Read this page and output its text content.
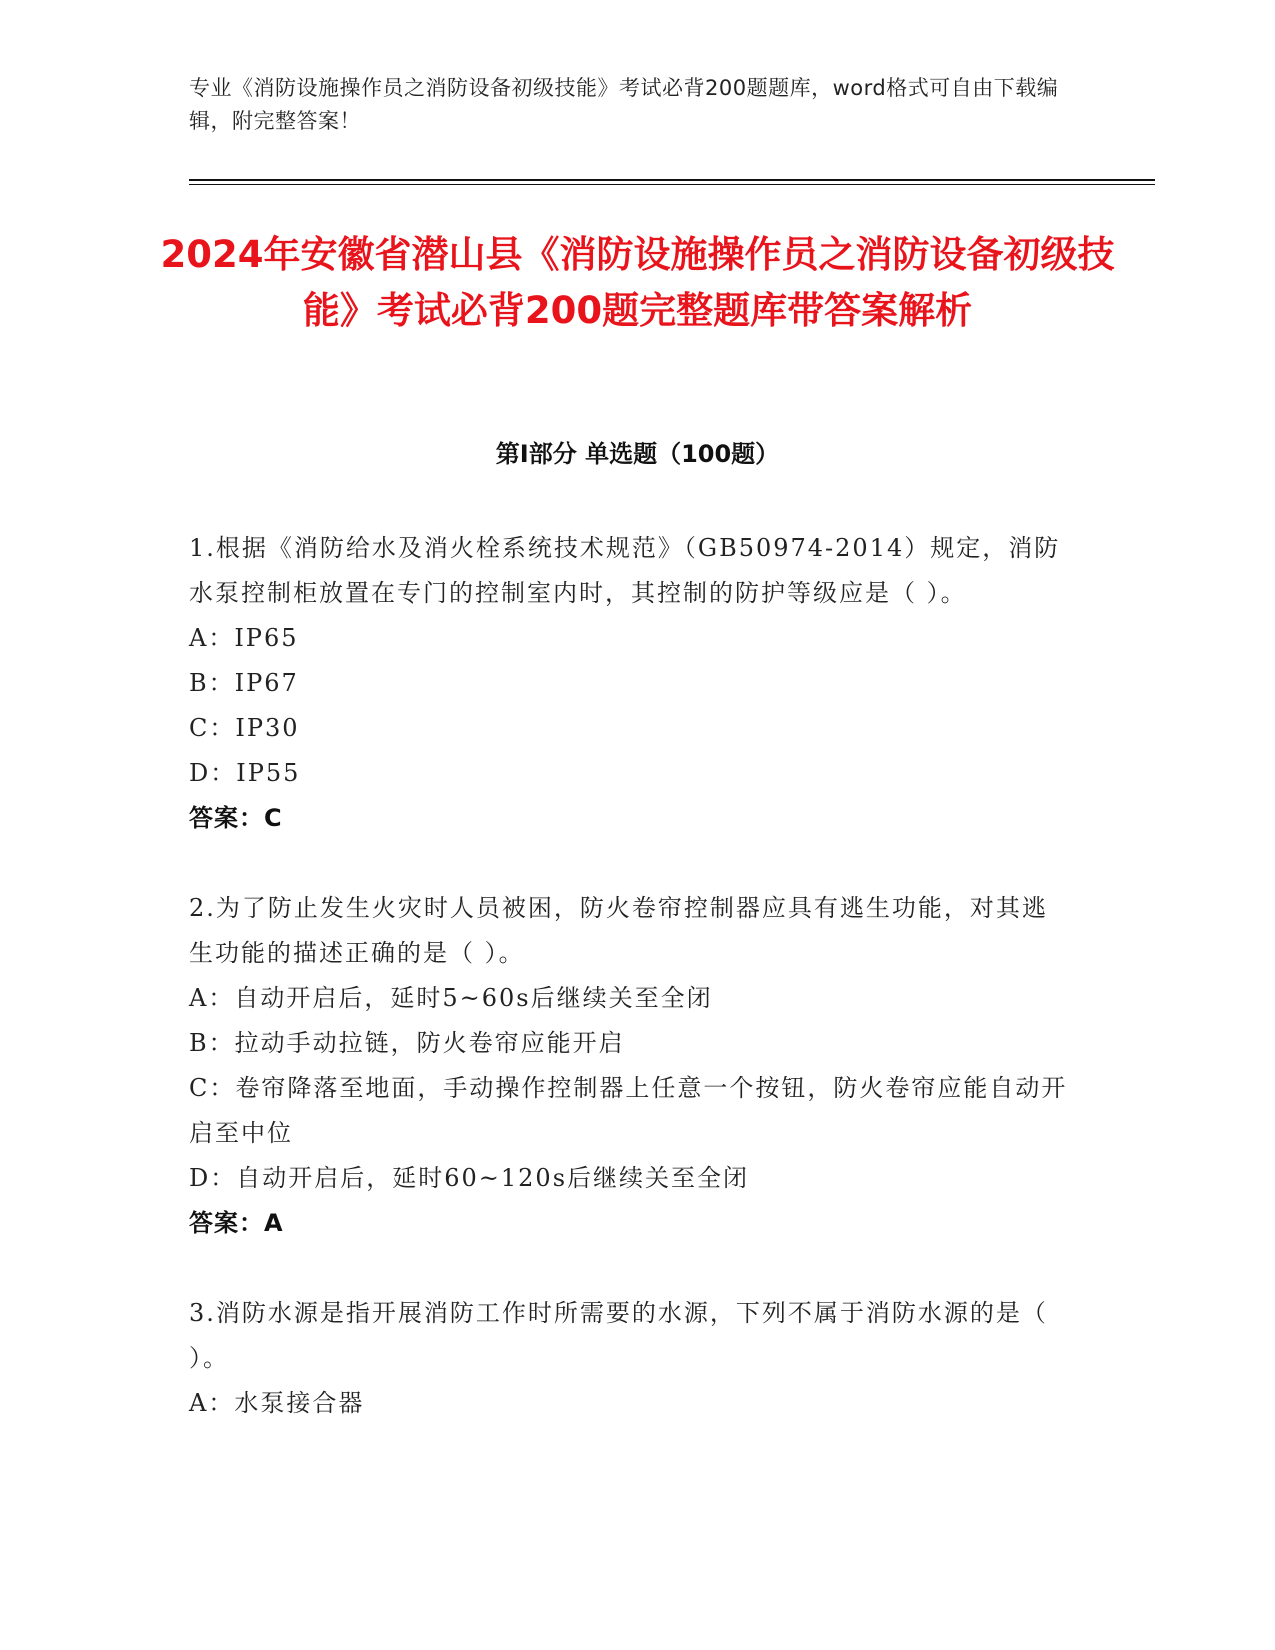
专业《消防设施操作员之消防设备初级技能》考试必背200题题库，word格式可自由下载编辑，附完整答案！
2024年安徽省潜山县《消防设施操作员之消防设备初级技能》考试必背200题完整题库带答案解析
第Ⅰ部分 单选题（100题）
1.根据《消防给水及消火栓系统技术规范》（GB50974-2014）规定，消防水泵控制柜放置在专门的控制室内时，其控制的防护等级应是（ ）。
A：IP65
B：IP67
C：IP30
D：IP55
答案：C
2.为了防止发生火灾时人员被困，防火卷帘控制器应具有逃生功能，对其逃生功能的描述正确的是（ ）。
A：自动开启后，延时5~60s后继续关至全闭
B：拉动手动拉链，防火卷帘应能开启
C：卷帘降落至地面，手动操作控制器上任意一个按钮，防火卷帘应能自动开启至中位
D：自动开启后，延时60~120s后继续关至全闭
答案：A
3.消防水源是指开展消防工作时所需要的水源，下列不属于消防水源的是（ ）。
A：水泵接合器
